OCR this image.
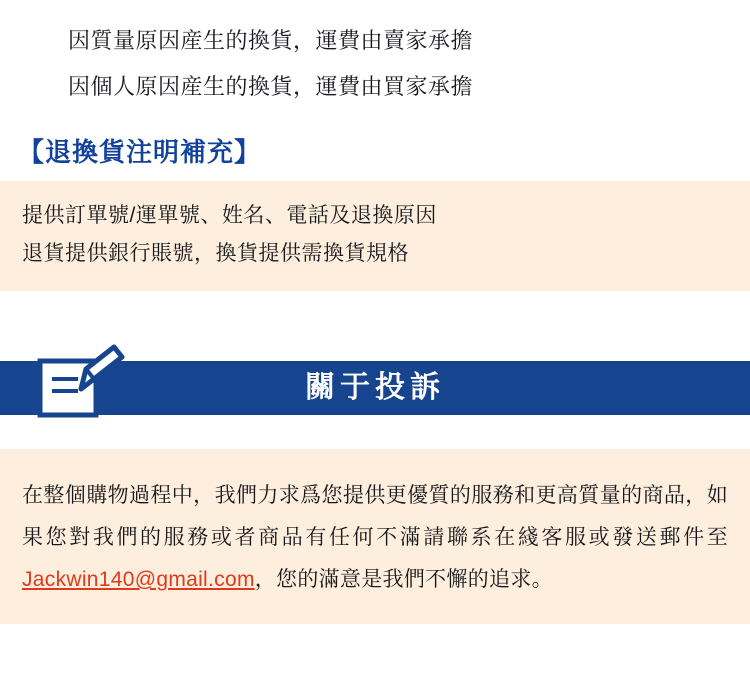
因質量原因産生的換貨，運費由賣家承擔
因個人原因産生的換貨，運費由買家承擔
【退換貨注明補充】
提供訂單號/運單號、姓名、電話及退換原因
退貨提供銀行賬號，換貨提供需換貨規格
關于投訴
在整個購物過程中，我們力求爲您提供更優質的服務和更高質量的商品，如果您對我們的服務或者商品有任何不滿請聯系在綫客服或發送郵件至Jackwin140@gmail.com，您的滿意是我們不懈的追求。
